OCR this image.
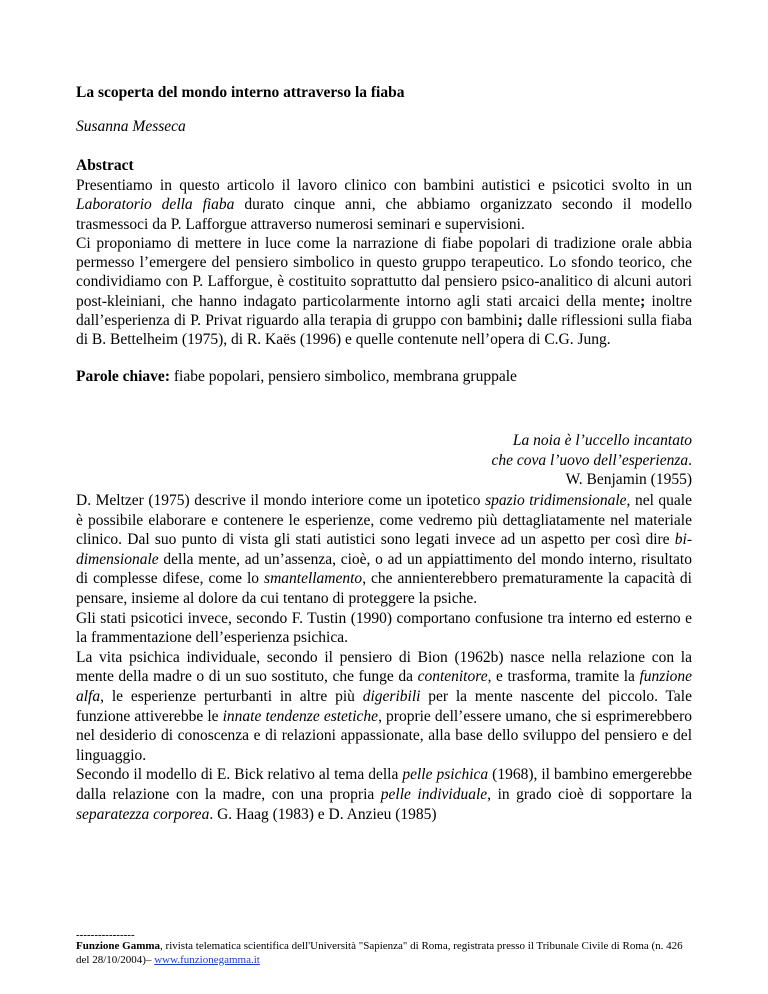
La scoperta del mondo interno attraverso la fiaba
Susanna Messeca
Abstract

Presentiamo in questo articolo il lavoro clinico con bambini autistici e psicotici svolto in un Laboratorio della fiaba durato cinque anni, che abbiamo organizzato secondo il modello trasmessoci da P. Lafforgue attraverso numerosi seminari e supervisioni.

Ci proponiamo di mettere in luce come la narrazione di fiabe popolari di tradizione orale abbia permesso l’emergere del pensiero simbolico in questo gruppo terapeutico. Lo sfondo teorico, che condividiamo con P. Lafforgue, è costituito soprattutto dal pensiero psico-analitico di alcuni autori post-kleiniani, che hanno indagato particolarmente intorno agli stati arcaici della mente; inoltre dall’esperienza di P. Privat riguardo alla terapia di gruppo con bambini; dalle riflessioni sulla fiaba di B. Bettelheim (1975), di R. Kaës (1996) e quelle contenute nell’opera di C.G. Jung.

Parole chiave: fiabe popolari, pensiero simbolico, membrana gruppale
La noia è l’uccello incantato
che cova l’uovo dell’esperienza.
W. Benjamin (1955)

D. Meltzer (1975) descrive il mondo interiore come un ipotetico spazio tridimensionale, nel quale è possibile elaborare e contenere le esperienze, come vedremo più dettagliatamente nel materiale clinico. Dal suo punto di vista gli stati autistici sono legati invece ad un aspetto per così dire bi-dimensionale della mente, ad un’assenza, cioè, o ad un appiattimento del mondo interno, risultato di complesse difese, come lo smantellamento, che annienterebbero prematuramente la capacità di pensare, insieme al dolore da cui tentano di proteggere la psiche.

Gli stati psicotici invece, secondo F. Tustin (1990) comportano confusione tra interno ed esterno e la frammentazione dell’esperienza psichica.

La vita psichica individuale, secondo il pensiero di Bion (1962b) nasce nella relazione con la mente della madre o di un suo sostituto, che funge da contenitore, e trasforma, tramite la funzione alfa, le esperienze perturbanti in altre più digeribili per la mente nascente del piccolo. Tale funzione attiverebbe le innate tendenze estetiche, proprie dell’essere umano, che si esprimerebbero nel desiderio di conoscenza e di relazioni appassionate, alla base dello sviluppo del pensiero e del linguaggio.

Secondo il modello di E. Bick relativo al tema della pelle psichica (1968), il bambino emergerebbe dalla relazione con la madre, con una propria pelle individuale, in grado cioè di sopportare la separatezza corporea. G. Haag (1983) e D. Anzieu (1985)

----------------
Funzione Gamma, rivista telematica scientifica dell'Università "Sapienza" di Roma, registrata presso il Tribunale Civile di Roma (n. 426 del 28/10/2004)– www.funzionegamma.it
